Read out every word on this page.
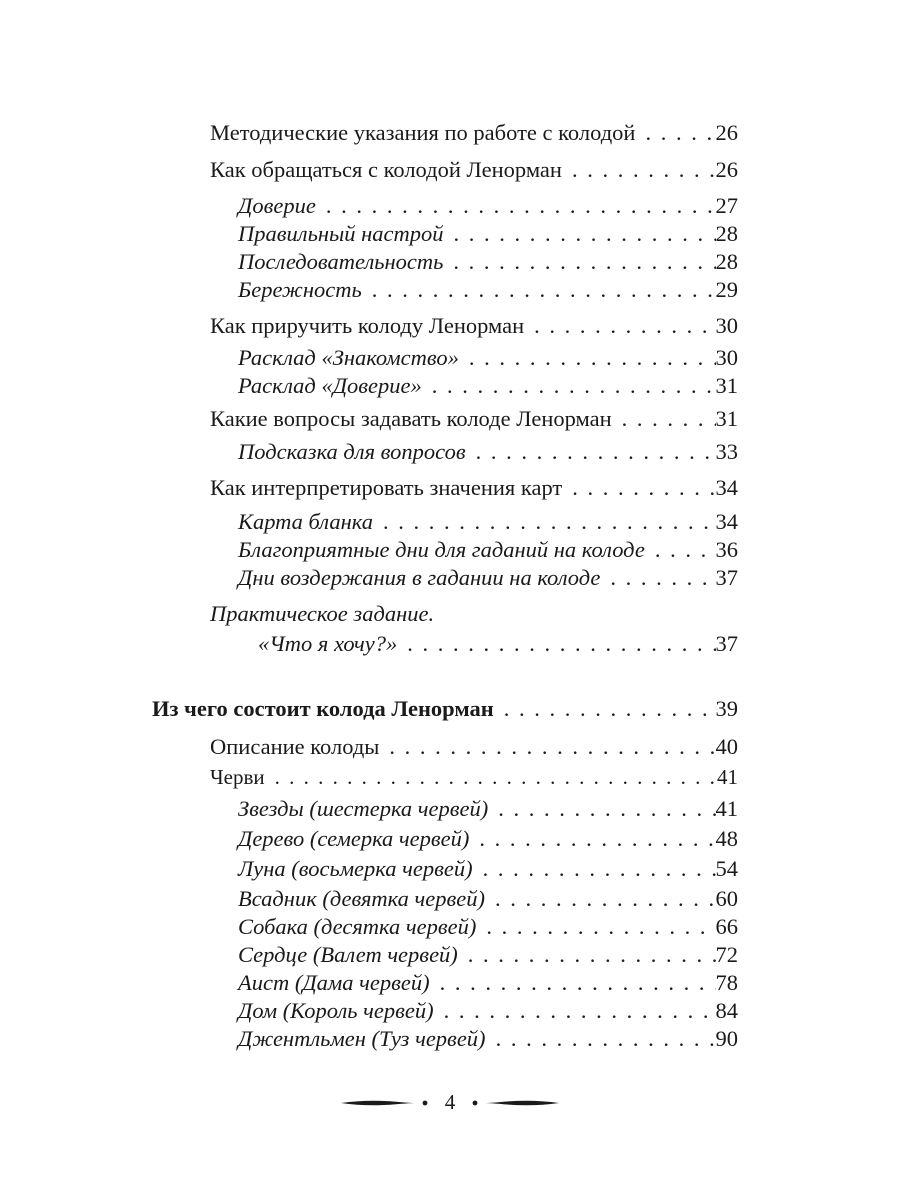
Методические указания по работе с колодой . . .	26
Как обращаться с колодой Ленорман . . .	26
Доверие . . .	27
Правильный настрой . . .	28
Последовательность . . .	28
Бережность . . .	29
Как приручить колоду Ленорман . . .	30
Расклад «Знакомство» . . .	30
Расклад «Доверие» . . .	31
Какие вопросы задавать колоде Ленорман . . .	31
Подсказка для вопросов . . .	33
Как интерпретировать значения карт . . .	34
Карта бланка . . .	34
Благоприятные дни для гаданий на колоде . . .	36
Дни воздержания в гадании на колоде . . .	37
Практическое задание.
«Что я хочу?» . . .	37
Из чего состоит колода Ленорман . . .	39
Описание колоды . . .	40
Черви . . .	41
Звезды (шестерка червей) . . .	41
Дерево (семерка червей) . . .	48
Луна (восьмерка червей) . . .	54
Всадник (девятка червей) . . .	60
Собака (десятка червей) . . .	66
Сердце (Валет червей) . . .	72
Аист (Дама червей) . . .	78
Дом (Король червей) . . .	84
Джентльмен (Туз червей) . . .	90
4
